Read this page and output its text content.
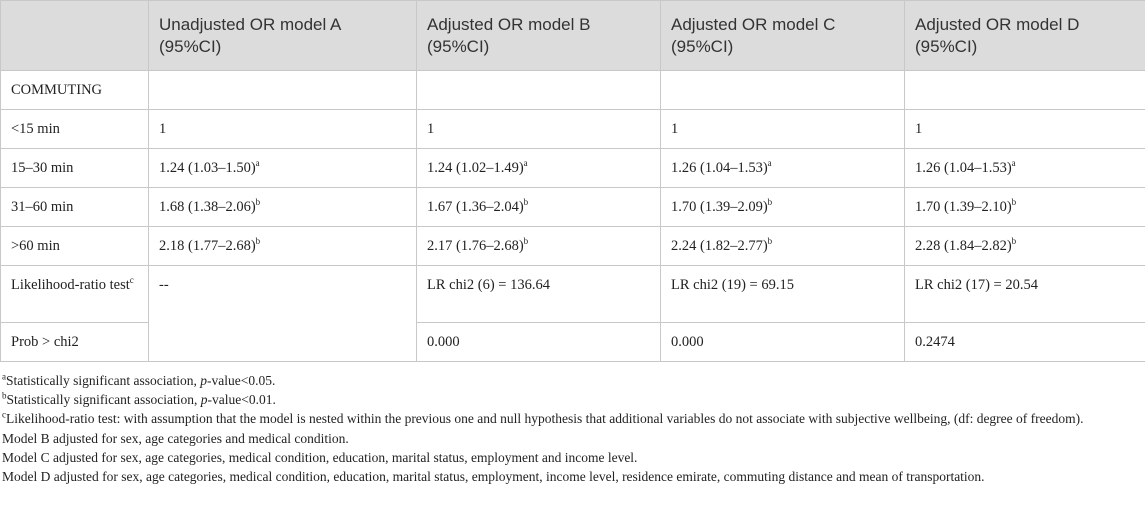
	Unadjusted OR model A (95%CI)	Adjusted OR model B (95%CI)	Adjusted OR model C (95%CI)	Adjusted OR model D (95%CI)
COMMUTING				
<15 min	1	1	1	1
15–30 min	1.24 $(1.03-1.50)^a$	1.24 $(1.02-1.49)^a$	1.26 $(1.04-1.53)^a$	1.26 $(1.04-1.53)^a$
31–60 min	1.68 $(1.38-2.06)^b$	1.67 $(1.36-2.04)^b$	1.70 $(1.39-2.09)^b$	1.70 $(1.39-2.10)^b$
>60 min	2.18 $(1.77-2.68)^b$	2.17 $(1.76-2.68)^b$	2.24 $(1.82-2.77)^b$	2.28 $(1.84-2.82)^b$
Likelihood-ratio test$^c$	--	LR chi2 (6) = 136.64	LR chi2 (19) = 69.15	LR chi2 (17) = 20.54
Prob > chi2		0.000	0.000	0.2474

$^a$Statistically significant association, p-value<0.05.

$^b$Statistically significant association, p-value<0.01.

$^c$Likelihood-ratio test: with assumption that the model is nested within the previous one and null hypothesis that additional variables do not associate with subjective wellbeing, (df: degree of freedom).

Model B adjusted for sex, age categories and medical condition.

Model C adjusted for sex, age categories, medical condition, education, marital status, employment and income level.

Model D adjusted for sex, age categories, medical condition, education, marital status, employment, income level, residence emirate, commuting distance and mean of transportation.
